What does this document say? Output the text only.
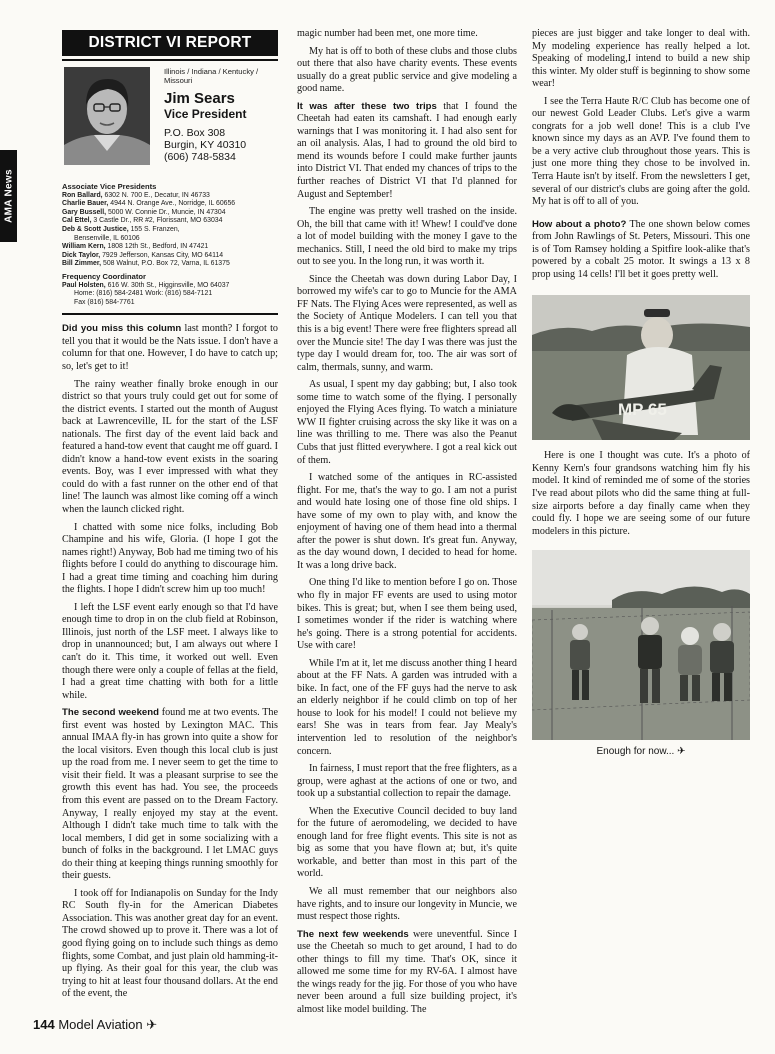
AMA News
DISTRICT VI REPORT
Illinois / Indiana / Kentucky / Missouri
Jim Sears
Vice President
P.O. Box 308
Burgin, KY 40310
(606) 748-5834
Associate Vice Presidents
Ron Ballard, 6302 N. 700 E., Decatur, IN 46733
Charlie Bauer, 4944 N. Orange Ave., Norridge, IL 60656
Gary Bussell, 5000 W. Connie Dr., Muncie, IN 47304
Cal Ettel, 3 Castle Dr., RR #2, Florissant, MO 63034
Deb & Scott Justice, 155 S. Franzen,
Bensenville, IL 60106
William Kern, 1808 12th St., Bedford, IN 47421
Dick Taylor, 7929 Jefferson, Kansas City, MO 64114
Bill Zimmer, 508 Walnut, P.O. Box 72, Varna, IL 61375
Frequency Coordinator
Paul Holsten, 616 W. 30th St., Higginsville, MO 64037
Home: (816) 584-2481 Work: (816) 584-7121
Fax (816) 584-7761

Did you miss this column last month? I forgot to tell you that it would be the Nats issue. I don't have a column for that one. However, I do have to catch up; so, let's get to it!

The rainy weather finally broke enough in our district so that yours truly could get out for some of the district events. I started out the month of August back at Lawrenceville, IL for the start of the LSF nationals. The first day of the event laid back and featured a hand-tow event that caught me off guard. I didn't know a hand-tow event exists in the soaring events. Boy, was I ever impressed with what they could do with a fast runner on the other end of that line! The launch was almost like coming off a winch when the launch clicked right.

I chatted with some nice folks, including Bob Champine and his wife, Gloria. (I hope I got the names right!) Anyway, Bob had me timing two of his flights before I could do anything to discourage him. I had a great time timing and coaching him during the flights. I hope I didn't screw him up too much!

I left the LSF event early enough so that I'd have enough time to drop in on the club field at Robinson, Illinois, just north of the LSF meet. I always like to drop in unannounced; but, I am always out where I can't do it. This time, it worked out well. Even though there were only a couple of fellas at the field, I had a great time chatting with both for a little while.

The second weekend found me at two events. The first event was hosted by Lexington MAC. This annual IMAA fly-in has grown into quite a show for the local visitors. Even though this local club is just up the road from me. I never seem to get the time to visit their field. It was a pleasant surprise to see the growth this event has had. You see, the proceeds from this event are passed on to the Dream Factory. Anyway, I really enjoyed my stay at the event. Although I didn't take much time to talk with the local members, I did get in some socializing with a bunch of folks in the background. I let LMAC guys do their thing at keeping things running smoothly for their guests.

I took off for Indianapolis on Sunday for the Indy RC South fly-in for the American Diabetes Association. This was another great day for an event. The crowd showed up to prove it. There was a lot of good flying going on to include such things as demo flights, some Combat, and just plain old hamming-it-up flying. As their goal for this year, the club was trying to hit at least four thousand dollars. At the end of the event, the

magic number had been met, one more time.

My hat is off to both of these clubs and those clubs out there that also have charity events. These events usually do a great public service and give modeling a good name.

It was after these two trips that I found the Cheetah had eaten its camshaft. I had enough early warnings that I was monitoring it. I had also sent for an oil analysis. Alas, I had to ground the old bird to mend its wounds before I could make further jaunts into District VI. That ended my chances of trips to the further reaches of District VI that I'd planned for August and September!

The engine was pretty well trashed on the inside. Oh, the bill that came with it! Whew! I could've done a lot of model building with the money I gave to the mechanics. Still, I need the old bird to make my trips out to see you. In the long run, it was worth it.

Since the Cheetah was down during Labor Day, I borrowed my wife's car to go to Muncie for the AMA FF Nats. The Flying Aces were represented, as well as the Society of Antique Modelers. I can tell you that this is a big event! There were free flighters spread all over the Muncie site! The day I was there was just the type day I would dream for, too. The air was sort of calm, thermals, sunny, and warm.

As usual, I spent my day gabbing; but, I also took some time to watch some of the flying. I personally enjoyed the Flying Aces flying. To watch a miniature WW II fighter cruising across the sky like it was on a line was thrilling to me. There was also the Peanut Cubs that just flitted everywhere. I got a real kick out of them.

I watched some of the antiques in RC-assisted flight. For me, that's the way to go. I am not a purist and would hate losing one of those fine old ships. I have some of my own to play with, and know the enjoyment of having one of them head into a thermal after the power is shut down. It's great fun. Anyway, as the day wound down, I decided to head for home. It was a long drive back.

One thing I'd like to mention before I go on. Those who fly in major FF events are used to using motor bikes. This is great; but, when I see them being used, I sometimes wonder if the rider is watching where he's going. There is a strong potential for accidents. Use with care!

While I'm at it, let me discuss another thing I heard about at the FF Nats. A garden was intruded with a bike. In fact, one of the FF guys had the nerve to ask an elderly neighbor if he could climb on top of her house to look for his model! I could not believe my ears! She was in tears from fear. Jay Mealy's intervention led to resolution of the neighbor's concern.

In fairness, I must report that the free flighters, as a group, were aghast at the actions of one or two, and took up a substantial collection to repair the damage.

When the Executive Council decided to buy land for the future of aeromodeling, we decided to have enough land for free flight events. This site is not as big as some that you have flown at; but, it's quite workable, and better than most in this part of the world.

We all must remember that our neighbors also have rights, and to insure our longevity in Muncie, we must respect those rights.

The next few weekends were uneventful. Since I use the Cheetah so much to get around, I had to do other things to fill my time. That's OK, since it allowed me some time for my RV-6A. I almost have the wings ready for the jig. For those of you who have never been around a full size building project, it's almost like model building. The

pieces are just bigger and take longer to deal with. My modeling experience has really helped a lot. Speaking of modeling,I intend to build a new ship this winter. My older stuff is beginning to show some wear!

I see the Terra Haute R/C Club has become one of our newest Gold Leader Clubs. Let's give a warm congrats for a job well done! This is a club I've known since my days as an AVP. I've found them to be a very active club throughout those years. This is just one more thing they chose to be involved in. Terra Haute isn't by itself. From the newsletters I get, several of our district's clubs are going after the gold. My hat is off to all of you.

How about a photo? The one shown below comes from John Rawlings of St. Peters, Missouri. This one is of Tom Ramsey holding a Spitfire look-alike that's powered by a cobalt 25 motor. It swings a 13 x 8 prop using 14 cells! I'll bet it goes pretty well.

MP 65

Here is one I thought was cute. It's a photo of Kenny Kern's four grandsons watching him fly his model. It kind of reminded me of some of the stories I've read about pilots who did the same thing at full-size airports before a day finally came when they could fly. I hope we are seeing some of our future modelers in this picture.

Enough for now... ✈
144 Model Aviation ✈
